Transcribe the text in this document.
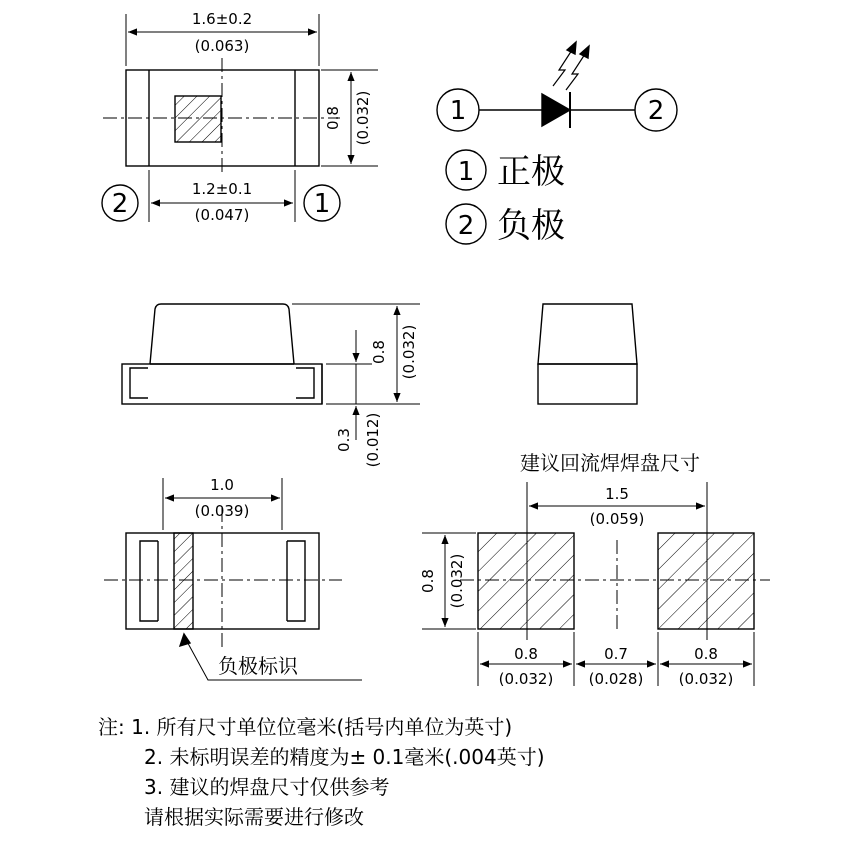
1.6±0.2
(0.063)
0.8 (0.032)
1.2±0.1
(0.047)
2	1
1	2
1 正极
2 负极
0.8 (0.032)
0.3 (0.012)
1.0
(0.039)
负极标识
建议回流焊焊盘尺寸
1.5
(0.059)
0.8 (0.032)
0.8
(0.032)
0.7
(0.028)
0.8
(0.032)
注: 1. 所有尺寸单位位毫米(括号内单位为英寸)
2. 未标明误差的精度为± 0.1毫米(.004英寸)
3. 建议的焊盘尺寸仅供参考
请根据实际需要进行修改
